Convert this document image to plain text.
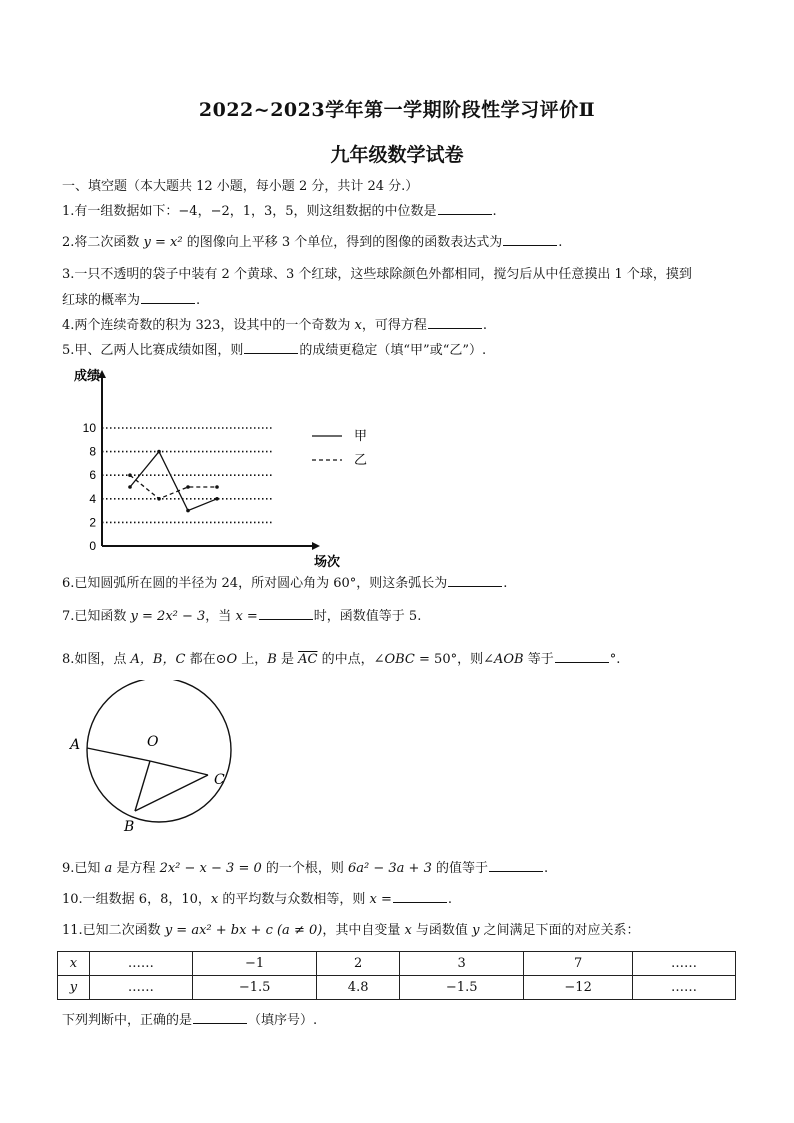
2022~2023学年第一学期阶段性学习评价Ⅱ
九年级数学试卷
一、填空题（本大题共 12 小题，每小题 2 分，共计 24 分.）
1.有一组数据如下：−4，−2，1，3，5，则这组数据的中位数是	.
2.将二次函数 y = x² 的图像向上平移 3 个单位，得到的图像的函数表达式为	.
3.一只不透明的袋子中装有 2 个黄球、3 个红球，这些球除颜色外都相同，搅匀后从中任意摸出 1 个球，摸到
红球的概率为	.
4.两个连续奇数的积为 323，设其中的一个奇数为 x，可得方程	.
5.甲、乙两人比赛成绩如图，则	的成绩更稳定（填“甲”或“乙”）.
成绩
场次
0
2
4
6
8
10
甲
乙
6.已知圆弧所在圆的半径为 24，所对圆心角为 60°，则这条弧长为	.
7.已知函数 y = 2x² − 3，当 x =	时，函数值等于 5.
8.如图，点 A，B，C 都在⊙O 上，B 是 $\overline{AC}$ 的中点，∠OBC = 50°，则∠AOB 等于	°.
A	O
B
C
9.已知 a 是方程 2x² − x − 3 = 0 的一个根，则 6a² − 3a + 3 的值等于	.
10.一组数据 6，8，10，x 的平均数与众数相等，则 x =	.
11.已知二次函数 y = ax² + bx + c (a ≠ 0)，其中自变量 x 与函数值 y 之间满足下面的对应关系：
x	……	−1	2	3	7	……
y	……	−1.5	4.8	−1.5	−12	……
下列判断中，正确的是	（填序号）.
